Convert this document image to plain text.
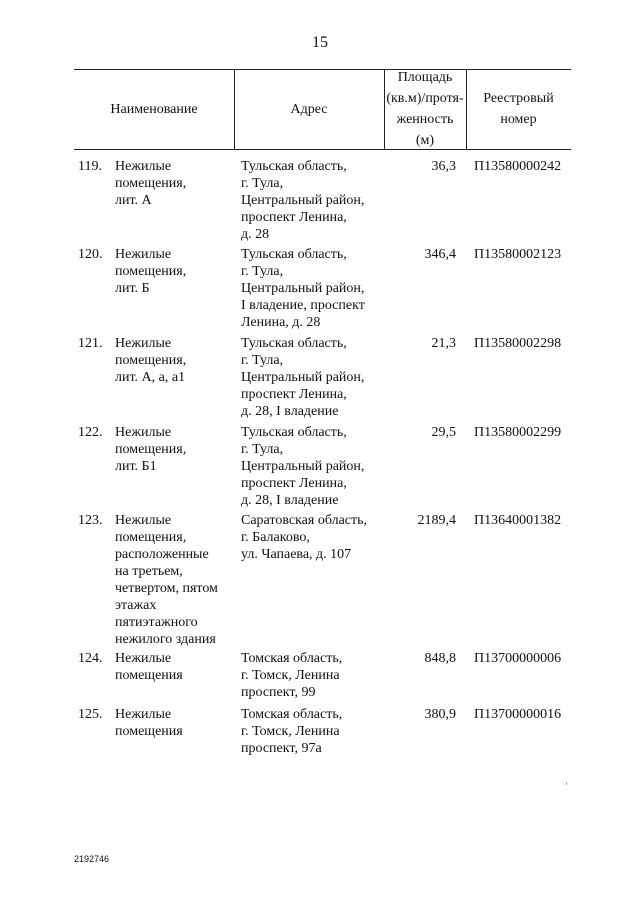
15
Наименование	Адрес
Площадь
(кв.м)/протя-
женность
(м)
Реестровый
номер
119. Нежилые
помещения,
лит. А
Тульская область,
г. Тула,
Центральный район,
проспект Ленина,
д. 28
36,3 П13580000242
120. Нежилые
помещения,
лит. Б
Тульская область,
г. Тула,
Центральный район,
I владение, проспект
Ленина, д. 28
346,4 П13580002123
121. Нежилые
помещения,
лит. А, а, а1
Тульская область,
г. Тула,
Центральный район,
проспект Ленина,
д. 28, I владение
21,3 П13580002298
122. Нежилые
помещения,
лит. Б1
Тульская область,
г. Тула,
Центральный район,
проспект Ленина,
д. 28, I владение
29,5 П13580002299
123. Нежилые
помещения,
расположенные
на третьем,
четвертом, пятом
этажах
пятиэтажного
нежилого здания
Саратовская область,
г. Балаково,
ул. Чапаева, д. 107
2189,4 П13640001382
124. Нежилые
помещения
Томская область,
г. Томск, Ленина
проспект, 99
848,8 П13700000006
125. Нежилые
помещения
Томская область,
г. Томск, Ленина
проспект, 97а
380,9 П13700000016
’
2192746
